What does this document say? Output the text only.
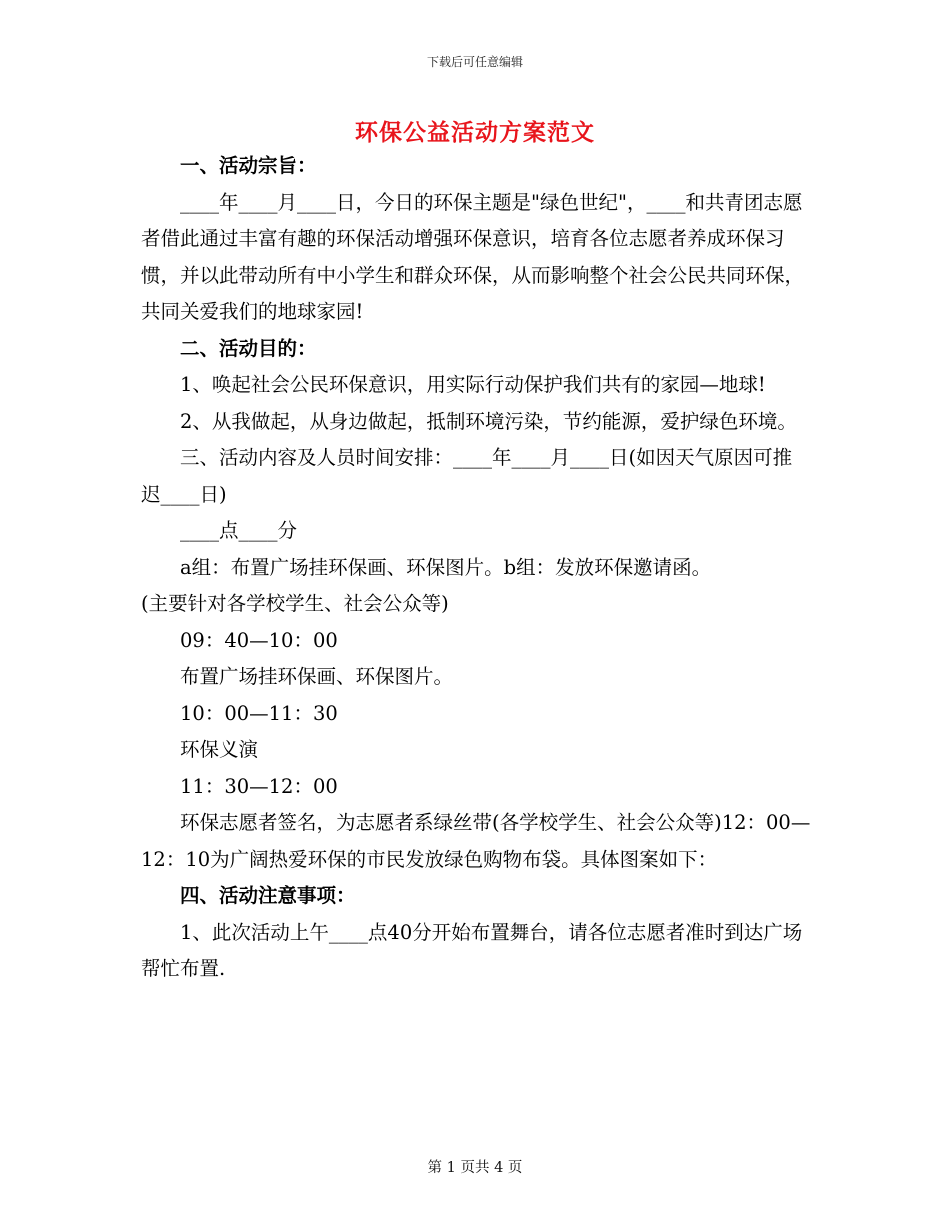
下载后可任意编辑
环保公益活动方案范文

一、活动宗旨：

____年____月____日，今日的环保主题是"绿色世纪"，____和共青团志愿者借此通过丰富有趣的环保活动增强环保意识，培育各位志愿者养成环保习惯，并以此带动所有中小学生和群众环保，从而影响整个社会公民共同环保，共同关爱我们的地球家园!

二、活动目的：

1、唤起社会公民环保意识，用实际行动保护我们共有的家园—地球!

2、从我做起，从身边做起，抵制环境污染，节约能源，爱护绿色环境。

三、活动内容及人员时间安排：____年____月____日(如因天气原因可推迟____日)

____点____分

a组：布置广场挂环保画、环保图片。b组：发放环保邀请函。

(主要针对各学校学生、社会公众等)

09：40—10：00

布置广场挂环保画、环保图片。

10：00—11：30

环保义演

11：30—12：00

环保志愿者签名，为志愿者系绿丝带(各学校学生、社会公众等)12：00—12：10为广阔热爱环保的市民发放绿色购物布袋。具体图案如下：

四、活动注意事项：

1、此次活动上午____点40分开始布置舞台，请各位志愿者准时到达广场帮忙布置.

第 1 页共 4 页
